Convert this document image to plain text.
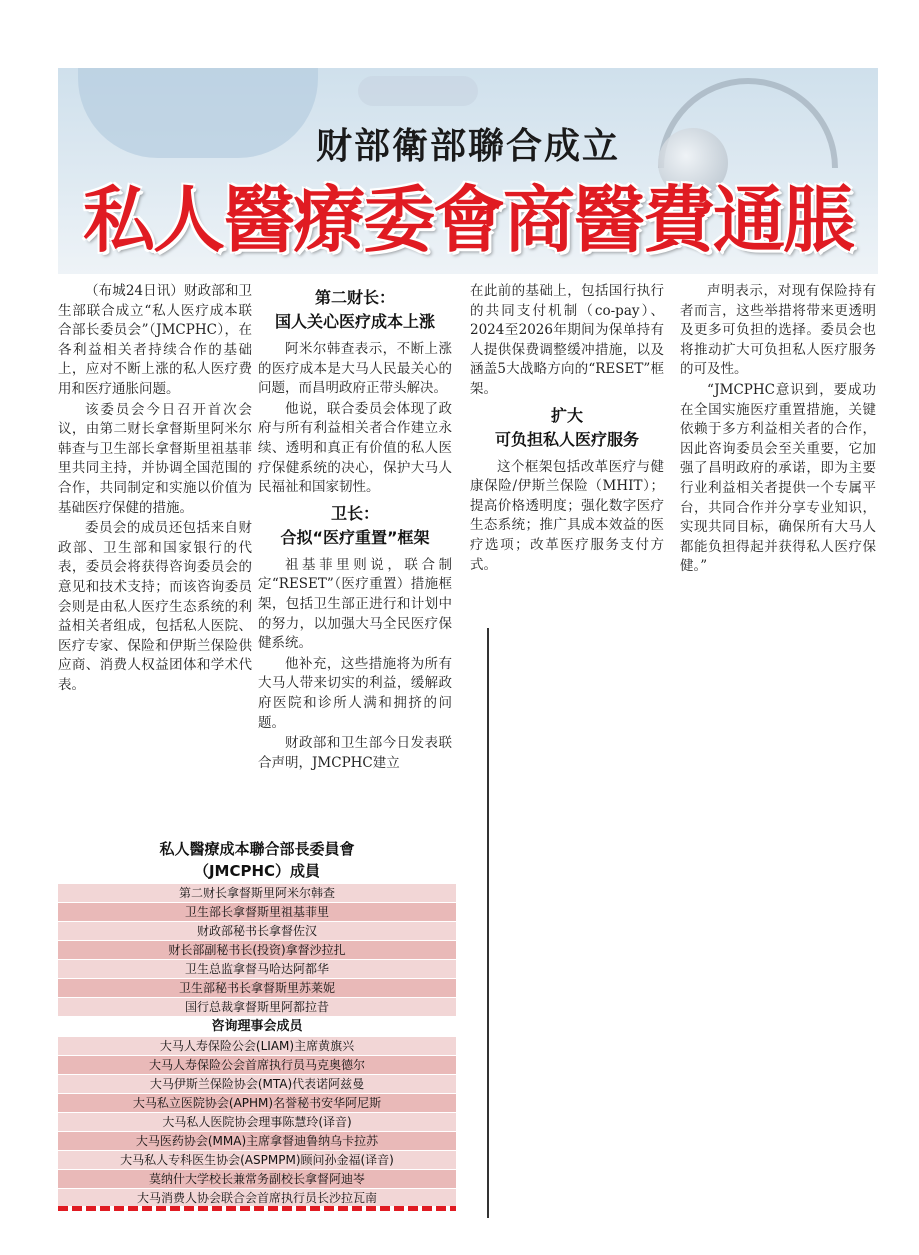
财部衛部聯合成立
私人醫療委會商醫費通脹

（布城24日讯）财政部和卫生部联合成立“私人医疗成本联合部长委员会”（JMCPHC），在各利益相关者持续合作的基础上，应对不断上涨的私人医疗费用和医疗通胀问题。

该委员会今日召开首次会议，由第二财长拿督斯里阿米尔韩查与卫生部长拿督斯里祖基菲里共同主持，并协调全国范围的合作，共同制定和实施以价值为基础医疗保健的措施。

委员会的成员还包括来自财政部、卫生部和国家银行的代表，委员会将获得咨询委员会的意见和技术支持；而该咨询委员会则是由私人医疗生态系统的利益相关者组成，包括私人医院、医疗专家、保险和伊斯兰保险供应商、消费人权益团体和学术代表。

第二财长：
国人关心医疗成本上涨

阿米尔韩查表示，不断上涨的医疗成本是大马人民最关心的问题，而昌明政府正带头解决。

他说，联合委员会体现了政府与所有利益相关者合作建立永续、透明和真正有价值的私人医疗保健系统的决心，保护大马人民福祉和国家韧性。

卫长：
合拟“医疗重置”框架

祖基菲里则说，联合制定“RESET”（医疗重置）措施框架，包括卫生部正进行和计划中的努力，以加强大马全民医疗保健系统。

他补充，这些措施将为所有大马人带来切实的利益，缓解政府医院和诊所人满和拥挤的问题。

财政部和卫生部今日发表联合声明，JMCPHC建立

在此前的基础上，包括国行执行的共同支付机制（co-pay）、2024至2026年期间为保单持有人提供保费调整缓冲措施，以及涵盖5大战略方向的“RESET”框架。

扩大
可负担私人医疗服务

这个框架包括改革医疗与健康保险/伊斯兰保险（MHIT）；提高价格透明度；强化数字医疗生态系统；推广具成本效益的医疗选项；改革医疗服务支付方式。

声明表示，对现有保险持有者而言，这些举措将带来更透明及更多可负担的选择。委员会也将推动扩大可负担私人医疗服务的可及性。

“JMCPHC意识到，要成功在全国实施医疗重置措施，关键依赖于多方利益相关者的合作，因此咨询委员会至关重要，它加强了昌明政府的承诺，即为主要行业利益相关者提供一个专属平台，共同合作并分享专业知识，实现共同目标，确保所有大马人都能负担得起并获得私人医疗保健。”

私人醫療成本聯合部長委員會
（JMCPHC）成員
第二财长拿督斯里阿米尔韩查
卫生部长拿督斯里祖基菲里
财政部秘书长拿督佐汉
财长部副秘书长(投资)拿督沙拉扎
卫生总监拿督马哈达阿都华
卫生部秘书长拿督斯里苏莱妮
国行总裁拿督斯里阿都拉昔
咨询理事会成员
大马人寿保险公会(LIAM)主席黄旗兴
大马人寿保险公会首席执行员马克奥德尔
大马伊斯兰保险协会(MTA)代表诺阿兹曼
大马私立医院协会(APHM)名誉秘书安华阿尼斯
大马私人医院协会理事陈慧玲(译音)
大马医药协会(MMA)主席拿督迪鲁纳乌卡拉苏
大马私人专科医生协会(ASPMPM)顾问孙金福(译音)
莫纳什大学校长兼常务副校长拿督阿迪岺
大马消费人协会联合会首席执行员长沙拉瓦南
